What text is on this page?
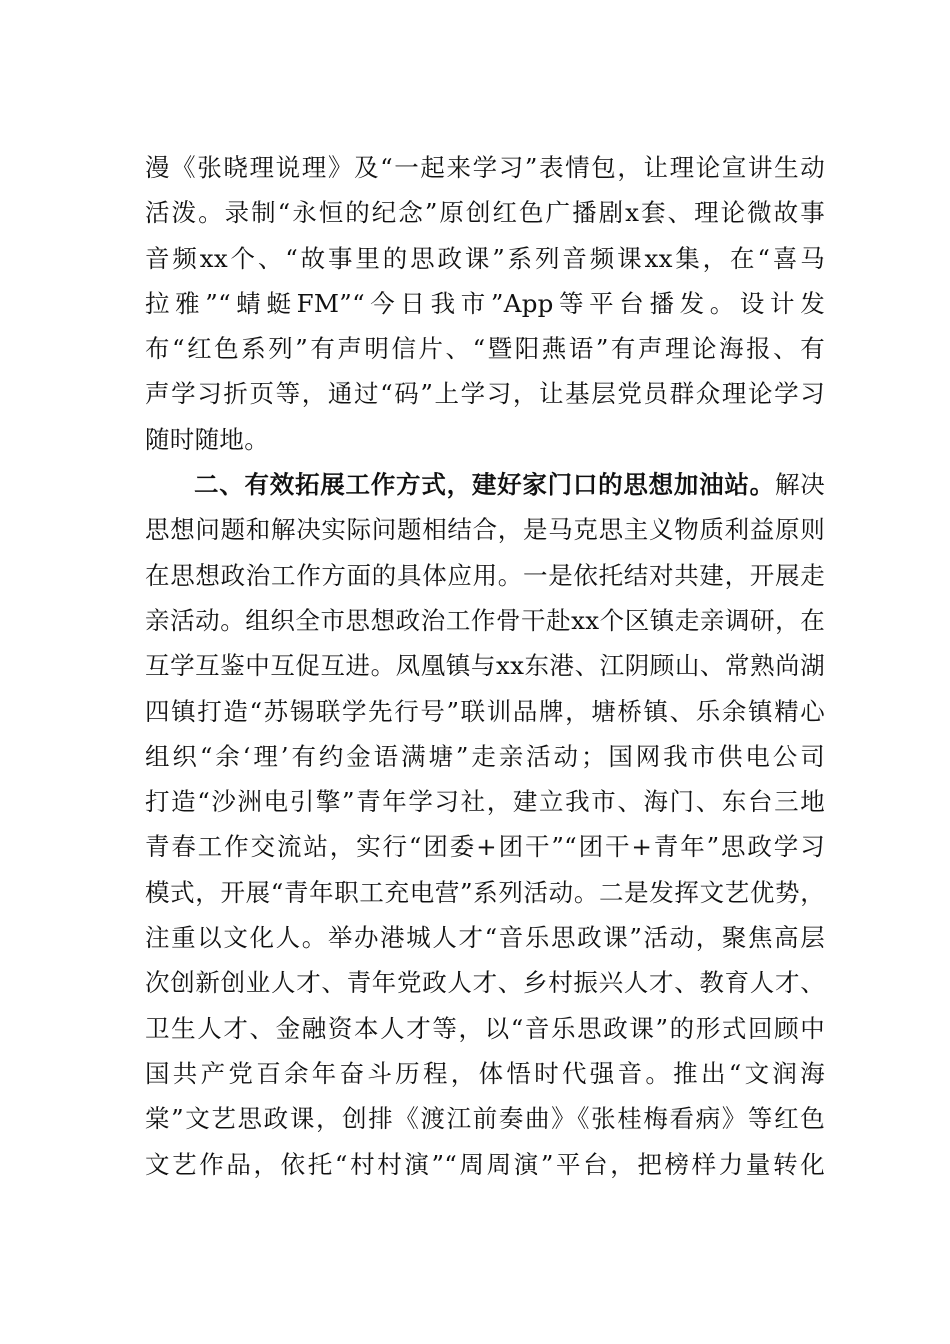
漫《张晓理说理》及“一起来学习”表情包，让理论宣讲生动
活泼。录制“永恒的纪念”原创红色广播剧x套、理论微故事
音频xx个、“故事里的思政课”系列音频课xx集，在“喜马
拉雅”“蜻蜓FM”“今日我市”App等平台播发。设计发
布“红色系列”有声明信片、“暨阳燕语”有声理论海报、有
声学习折页等，通过“码”上学习，让基层党员群众理论学习
随时随地。
二、有效拓展工作方式，建好家门口的思想加油站。解决
思想问题和解决实际问题相结合，是马克思主义物质利益原则
在思想政治工作方面的具体应用。一是依托结对共建，开展走
亲活动。组织全市思想政治工作骨干赴xx个区镇走亲调研，在
互学互鉴中互促互进。凤凰镇与xx东港、江阴顾山、常熟尚湖
四镇打造“苏锡联学先行号”联训品牌，塘桥镇、乐余镇精心
组织“余‘理’有约金语满塘”走亲活动；国网我市供电公司
打造“沙洲电引擎”青年学习社，建立我市、海门、东台三地
青春工作交流站，实行“团委+团干”“团干+青年”思政学习
模式，开展“青年职工充电营”系列活动。二是发挥文艺优势，
注重以文化人。举办港城人才“音乐思政课”活动，聚焦高层
次创新创业人才、青年党政人才、乡村振兴人才、教育人才、
卫生人才、金融资本人才等，以“音乐思政课”的形式回顾中
国共产党百余年奋斗历程，体悟时代强音。推出“文润海
棠”文艺思政课，创排《渡江前奏曲》《张桂梅看病》等红色
文艺作品，依托“村村演”“周周演”平台，把榜样力量转化
